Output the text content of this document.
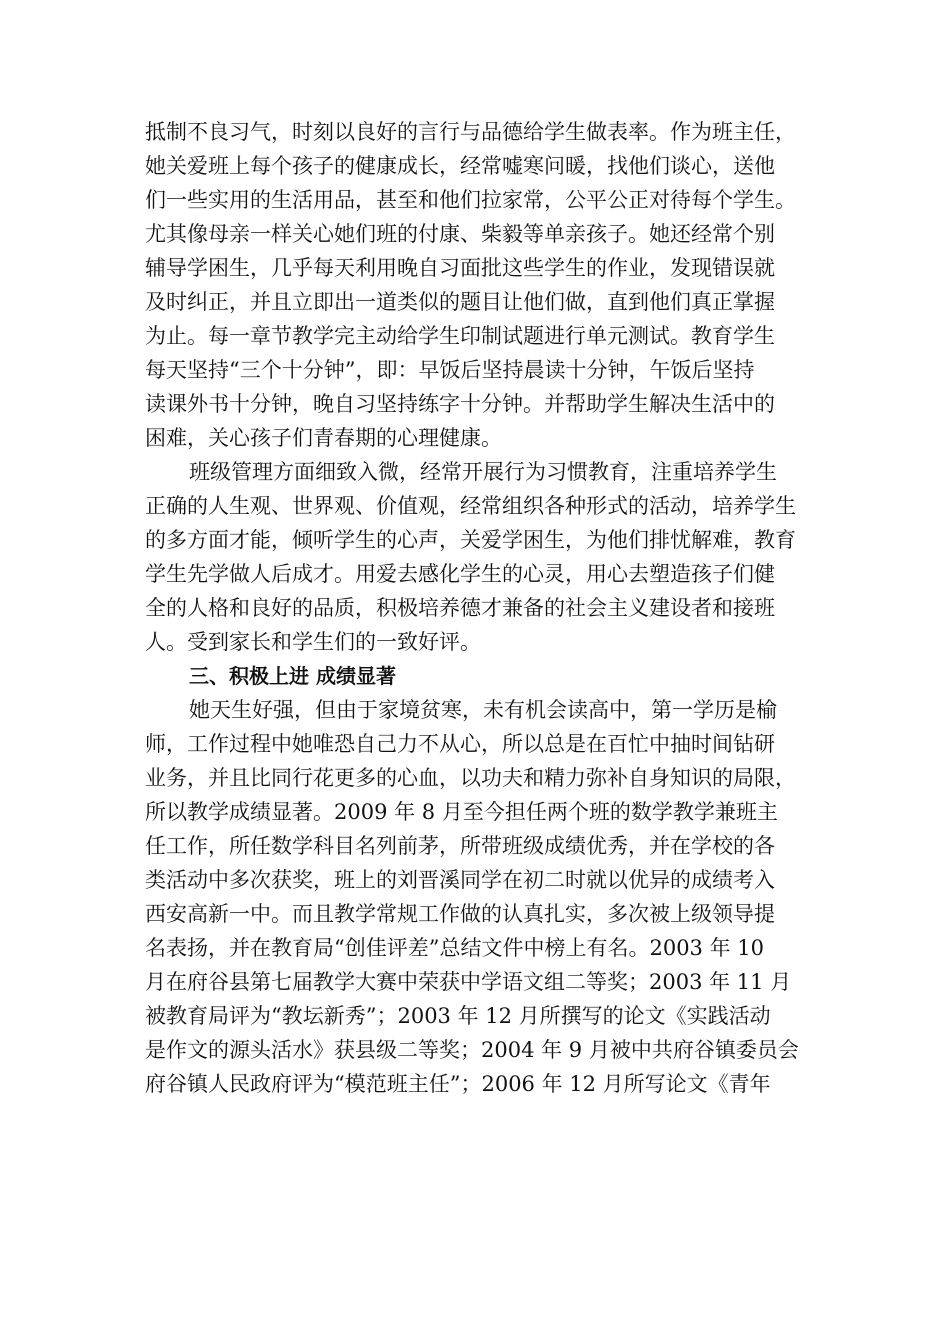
抵制不良习气，时刻以良好的言行与品德给学生做表率。作为班主任，
她关爱班上每个孩子的健康成长，经常嘘寒问暖，找他们谈心，送他
们一些实用的生活用品，甚至和他们拉家常，公平公正对待每个学生。
尤其像母亲一样关心她们班的付康、柴毅等单亲孩子。她还经常个别
辅导学困生，几乎每天利用晚自习面批这些学生的作业，发现错误就
及时纠正，并且立即出一道类似的题目让他们做，直到他们真正掌握
为止。每一章节教学完主动给学生印制试题进行单元测试。教育学生
每天坚持“三个十分钟”，即：早饭后坚持晨读十分钟，午饭后坚持
读课外书十分钟，晚自习坚持练字十分钟。并帮助学生解决生活中的
困难，关心孩子们青春期的心理健康。
班级管理方面细致入微，经常开展行为习惯教育，注重培养学生
正确的人生观、世界观、价值观，经常组织各种形式的活动，培养学生
的多方面才能，倾听学生的心声，关爱学困生，为他们排忧解难，教育
学生先学做人后成才。用爱去感化学生的心灵，用心去塑造孩子们健
全的人格和良好的品质，积极培养德才兼备的社会主义建设者和接班
人。受到家长和学生们的一致好评。
三、积极上进 成绩显著
她天生好强，但由于家境贫寒，未有机会读高中，第一学历是榆
师，工作过程中她唯恐自己力不从心，所以总是在百忙中抽时间钻研
业务，并且比同行花更多的心血，以功夫和精力弥补自身知识的局限，
所以教学成绩显著。2009 年 8 月至今担任两个班的数学教学兼班主
任工作，所任数学科目名列前茅，所带班级成绩优秀，并在学校的各
类活动中多次获奖，班上的刘晋溪同学在初二时就以优异的成绩考入
西安高新一中。而且教学常规工作做的认真扎实，多次被上级领导提
名表扬，并在教育局“创佳评差”总结文件中榜上有名。2003 年 10
月在府谷县第七届教学大赛中荣获中学语文组二等奖；2003 年 11 月
被教育局评为“教坛新秀”；2003 年 12 月所撰写的论文《实践活动
是作文的源头活水》获县级二等奖；2004 年 9 月被中共府谷镇委员会
府谷镇人民政府评为“模范班主任”；2006 年 12 月所写论文《青年
